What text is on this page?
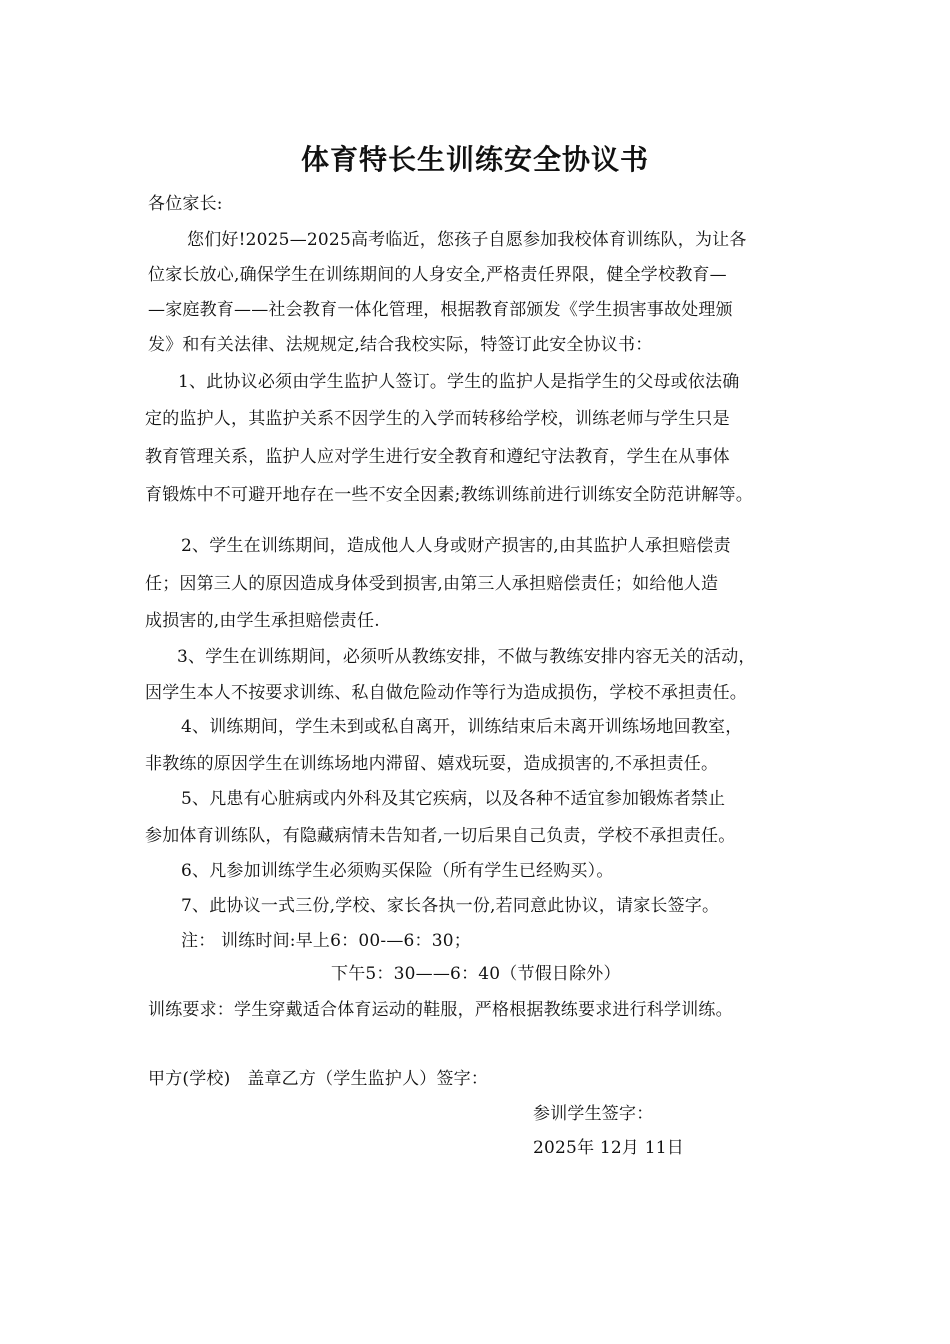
体育特长生训练安全协议书
各位家长:
您们好!2025—2025高考临近，您孩子自愿参加我校体育训练队，为让各
位家长放心,确保学生在训练期间的人身安全,严格责任界限，健全学校教育—
—家庭教育——社会教育一体化管理，根据教育部颁发《学生损害事故处理颁
发》和有关法律、法规规定,结合我校实际，特签订此安全协议书：
1、此协议必须由学生监护人签订。学生的监护人是指学生的父母或依法确
定的监护人，其监护关系不因学生的入学而转移给学校，训练老师与学生只是
教育管理关系，监护人应对学生进行安全教育和遵纪守法教育，学生在从事体
育锻炼中不可避开地存在一些不安全因素;教练训练前进行训练安全防范讲解等。
2、学生在训练期间，造成他人人身或财产损害的,由其监护人承担赔偿责
任；因第三人的原因造成身体受到损害,由第三人承担赔偿责任；如给他人造
成损害的,由学生承担赔偿责任.
3、学生在训练期间，必须听从教练安排，不做与教练安排内容无关的活动，
因学生本人不按要求训练、私自做危险动作等行为造成损伤，学校不承担责任。
4、训练期间，学生未到或私自离开，训练结束后未离开训练场地回教室，
非教练的原因学生在训练场地内滞留、嬉戏玩耍，造成损害的,不承担责任。
5、凡患有心脏病或内外科及其它疾病，以及各种不适宜参加锻炼者禁止
参加体育训练队，有隐藏病情未告知者,一切后果自己负责，学校不承担责任。
6、凡参加训练学生必须购买保险（所有学生已经购买）。
7、此协议一式三份,学校、家长各执一份,若同意此协议，请家长签字。
注： 训练时间:早上6：00-—6：30；
下午5：30——6：40（节假日除外）
训练要求：学生穿戴适合体育运动的鞋服，严格根据教练要求进行科学训练。
甲方(学校)   盖章乙方（学生监护人）签字：
参训学生签字：
2025年 12月 11日
